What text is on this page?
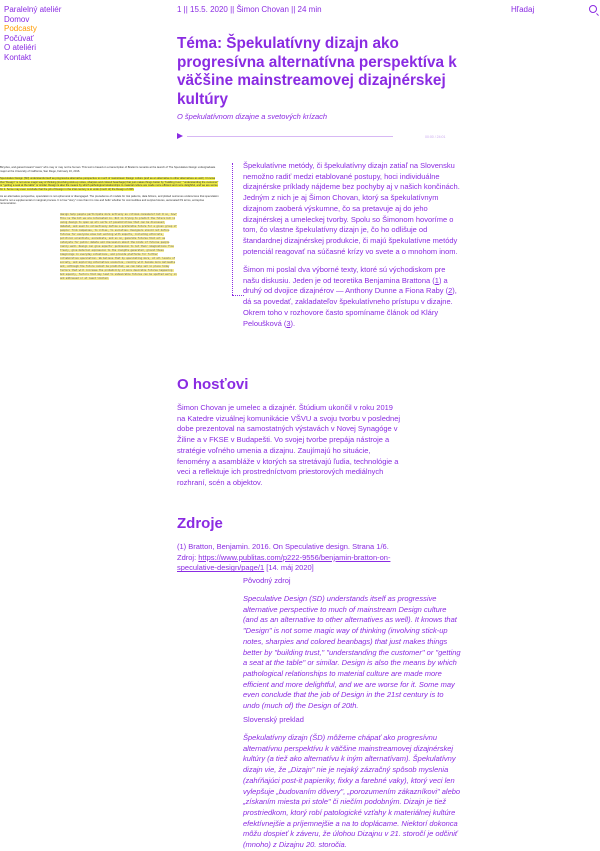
Paralelný ateliér
Domov
Podcasty
Počúvať
O ateliéri
Kontakt
1 || 15.5. 2020 || Šimon Chovan || 24 min	Hľadaj
Téma: Špekulatívny dizajn ako progresívna alternatívna perspektíva k väčšine mainstreamovej dizajnérskej kultúry
O špekulatívnom dizajne a svetových krízach
00:00 / 24:01

Bicycles, and gained toward "users" who may or may not be human. This text is based on a transcription of Bratton's remarks at the launch of The Speculative Design undergraduate major at the University of California, San Diego, February 16, 2016.

Speculative Design (SD) understands itself as progressive alternative perspective to much of mainstream Design culture (and as an alternative to other alternatives as well). It knows that "Design" is not some magic way of thinking (involving stick-up notes, sharpies and colored beanbags) that just makes things better by "building trust," "understanding the customer" or "getting a seat at the table" or similar. Design is also the means by which pathological relationships to material culture are made more efficient and more delightful, and we are worse for it. Some may even conclude that the job of Design in the 21st century is to undo (much of) the Design of 20th.

As an alternative perspective, speculation is not ephemeral or disengaged. The precedence of models for risk patterns, data fictions, and plotted outcomes underscores that speculation itself is not a supplemental or marginal process. It is how "story" more than it is rote and bolts' whether for commodities and surplus futures, automated KS terms, entreprise remuneration.

design help people participate more actively as citizen-consumers? but R oo, how? This is the bit we are interested in. Not in trying to predict the future but in using design to open up all sorts of possibilities that can be discussed, debated, and used to collectively define a preferable future for a given group of people: from companies, to cities, to societies. Designers should not define futures for everyone else but working with experts, including ethicists, political scientists, economists, and so on, generate futures that act as catalysts for public debate and discussion about the kinds of futures people really want. Design can give experts' permission to let their imaginations flow freely, give material expression to the insights generated, ground these imaginings in everyday situations, and provide platforms for further collaborative speculation. We believe that by speculating more, at all levels of society, and exploring alternative scenarios, reality will become more malleable and, although the future cannot be predicted, we can help set in place today factors that will increase the probability of more desirable futures happening. And equally, factors that may lead to undesirable futures can be spotted early on and addressed or at least limited.

Špekulatívne metódy, či špekulatívny dizajn zatiaľ na Slovensku nemožno radiť medzi etablované postupy, hoci individuálne dizajnérske príklady nájdeme bez pochyby aj v našich končinách. Jedným z nich je aj Šimon Chovan, ktorý sa špekulatívnym dizajnom zaoberá výskumne, čo sa pretavuje aj do jeho dizajnérskej a umeleckej tvorby. Spolu so Šimonom hovoríme o tom, čo vlastne špekulatívny dizajn je, čo ho odlišuje od štandardnej dizajnérskej produkcie, či majú špekulatívne metódy potenciál reagovať na súčasné krízy vo svete a o mnohom inom.

Šimon mi poslal dva výborné texty, ktoré sú východiskom pre našu diskusiu. Jeden je od teoretika Benjamina Brattona (1) a druhý od dvojice dizajnérov — Anthony Dunne a Fiona Raby (2), dá sa povedať, zakladateľov špekulatívneho prístupu v dizajne. Okrem toho v rozhovore často spomíname článok od Kláry Peloušková (3).

O hosťovi

Šimon Chovan je umelec a dizajnér. Štúdium ukončil v roku 2019 na Katedre vizuálnej komunikácie VŠVU a svoju tvorbu v poslednej dobe prezentoval na samostatných výstavách v Novej Synagóge v Žiline a v FKSE v Budapešti. Vo svojej tvorbe prepája nástroje a stratégie voľného umenia a dizajnu. Zaujímajú ho situácie, fenomény a asambláže v ktorých sa stretávajú ľudia, technológie a veci a reflektuje ich prostredníctvom priestorových mediálnych rozhraní, scén a objektov.

Zdroje

(1) Bratton, Benjamin. 2016. On Speculative design. Strana 1/6. Zdroj: https://www.publitas.com/p222-9556/benjamin-bratton-on-speculative-design/page/1 [14. máj 2020]

Pôvodný zdroj

Speculative Design (SD) understands itself as progressive alternative perspective to much of mainstream Design culture (and as an alternative to other alternatives as well). It knows that "Design" is not some magic way of thinking (involving stick-up notes, sharpies and colored beanbags) that just makes things better by "building trust," "understanding the customer" or "getting a seat at the table" or similar. Design is also the means by which pathological relationships to material culture are made more efficient and more delightful, and we are worse for it. Some may even conclude that the job of Design in the 21st century is to undo (much of) the Design of 20th.

Slovenský preklad

Špekulatívny dizajn (ŠD) môžeme chápať ako progresívnu alternatívnu perspektívu k väčšine mainstreamovej dizajnérskej kultúry (a tiež ako alternatívu k iným alternatívam). Špekulatívny dizajn vie, že „Dizajn" nie je nejaký zázračný spôsob myslenia (zahŕňajúci post-it papieriky, fixky a farebné vaky), ktorý veci len vylepšuje „budovaním dôvery", „porozumením zákazníkovi" alebo „získaním miesta pri stole" či niečím podobným. Dizajn je tiež prostriedkom, ktorý robí patologické vzťahy k materiálnej kultúre efektívnejšie a príjemnejšie a na to doplácame. Niektorí dokonca môžu dospieť k záveru, že úlohou Dizajnu v 21. storočí je odčiniť (mnoho) z Dizajnu 20. storočia.
